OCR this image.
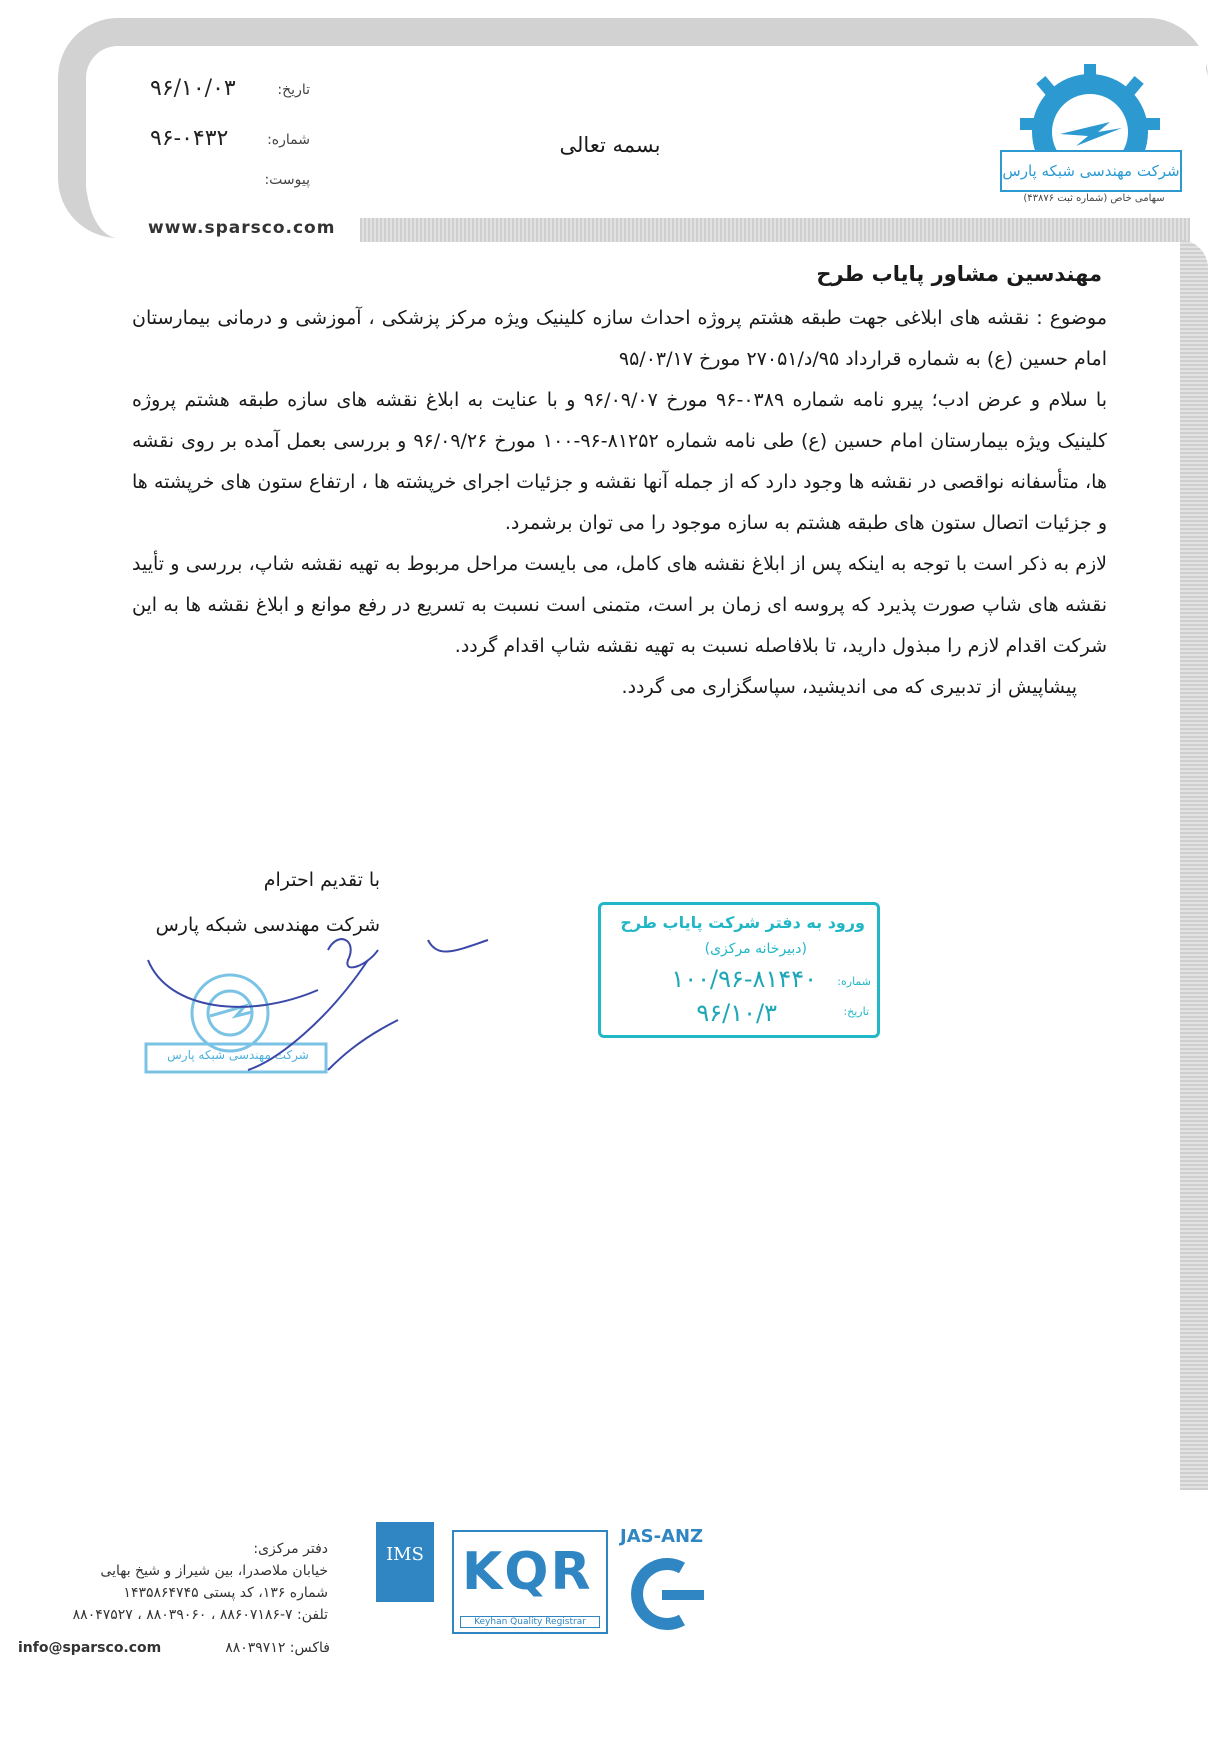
شرکت مهندسی شبکه پارس
سهامی خاص (شماره ثبت ۴۳۸۷۶)
تاریخ:
۹۶/۱۰/۰۳
شماره:
۹۶-۰۴۳۲
پیوست:
بسمه تعالی
www.sparsco.com
مهندسین مشاور پایاب طرح

موضوع : نقشه های ابلاغی جهت طبقه هشتم پروژه احداث سازه کلینیک ویژه مرکز پزشکی ، آموزشی و درمانی بیمارستان امام حسین (ع) به شماره قرارداد ۹۵/د/۲۷۰۵۱ مورخ ۹۵/۰۳/۱۷

با سلام و عرض ادب؛ پیرو نامه شماره ۰۳۸۹-۹۶ مورخ ۹۶/۰۹/۰۷ و با عنایت به ابلاغ نقشه های سازه طبقه هشتم پروژه کلینیک ویژه بیمارستان امام حسین (ع) طی نامه شماره ۸۱۲۵۲-۹۶-۱۰۰ مورخ ۹۶/۰۹/۲۶ و بررسی بعمل آمده بر روی نقشه ها، متأسفانه نواقصی در نقشه ها وجود دارد که از جمله آنها نقشه و جزئیات اجرای خرپشته ها ، ارتفاع ستون های خرپشته ها و جزئیات اتصال ستون های طبقه هشتم به سازه موجود را می توان برشمرد.

لازم به ذکر است با توجه به اینکه پس از ابلاغ نقشه های کامل، می بایست مراحل مربوط به تهیه نقشه شاپ، بررسی و تأیید نقشه های شاپ صورت پذیرد که پروسه ای زمان بر است، متمنی است نسبت به تسریع در رفع موانع و ابلاغ نقشه ها به این شرکت اقدام لازم را مبذول دارید، تا بلافاصله نسبت به تهیه نقشه شاپ اقدام گردد.

پیشاپیش از تدبیری که می اندیشید، سپاسگزاری می گردد.

با تقدیم احترام
شرکت مهندسی شبکه پارس
شرکت مهندسی شبکه پارس
ورود به دفتر شرکت پایاب طرح
(دبیرخانه مرکزی)
شماره:
۱۰۰/۹۶-۸۱۴۴۰
تاریخ:
۹۶/۱۰/۳
دفتر مرکزی:
خیابان ملاصدرا، بین شیراز و شیخ بهایی
شماره ۱۳۶، کد پستی ۱۴۳۵۸۶۴۷۴۵
تلفن: ۷-۸۸۶۰۷۱۸۶ ، ۸۸۰۳۹۰۶۰ ، ۸۸۰۴۷۵۲۷
info@sparsco.com	فاکس: ۸۸۰۳۹۷۱۲
IMS KQR
Keyhan Quality Registrar
JAS-ANZ
